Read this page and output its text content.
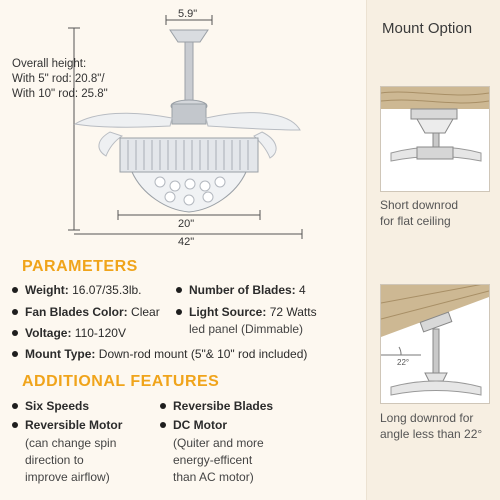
5.9"
20"
42"
Overall height:
With 5" rod: 20.8"/
With 10" rod: 25.8"
PARAMETERS
Weight: 16.07/35.3lb.
Fan Blades Color: Clear
Voltage: 110-120V
Mount Type: Down-rod mount (5"& 10" rod included)
Number of Blades: 4
Light Source: 72 Watts
led panel (Dimmable)
ADDITIONAL FEATURES
Six Speeds
Reversible Motor
(can change spin
direction to
improve airflow)
Reversibe Blades
DC Motor
(Quiter and more
energy-efficent
than AC motor)
Mount Option
Short downrod
for flat ceiling
22°
Long downrod for
angle less than 22°
